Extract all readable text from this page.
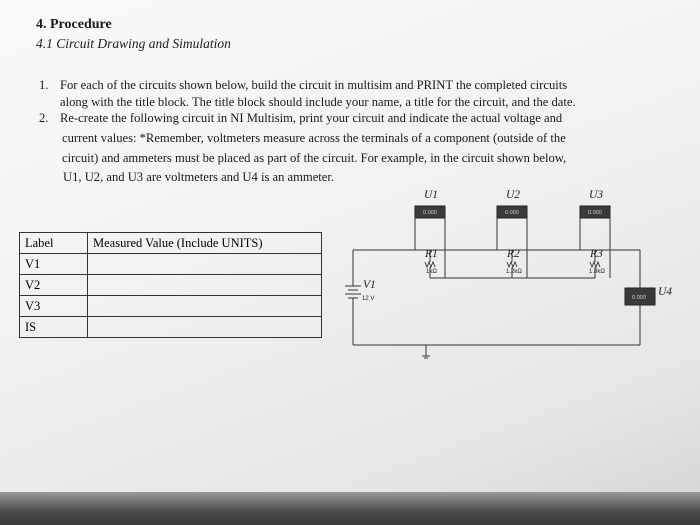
4. Procedure
4.1 Circuit Drawing and Simulation
1. For each of the circuits shown below, build the circuit in multisim and PRINT the completed circuits
along with the title block. The title block should include your name, a title for the circuit, and the date.
2. Re-create the following circuit in NI Multisim, print your circuit and indicate the actual voltage and
current values: *Remember, voltmeters measure across the terminals of a component (outside of the
circuit) and ammeters must be placed as part of the circuit. For example, in the circuit shown below,
U1, U2, and U3 are voltmeters and U4 is an ammeter.
Label	Measured Value (Include UNITS)
V1	
V2	
V3	
IS	
V1
12 V
R1
1kΩ
R2
1.2kΩ
R3
1.8kΩ
U1
0.000
U2
0.000
U3
0.000
0.000 U4
